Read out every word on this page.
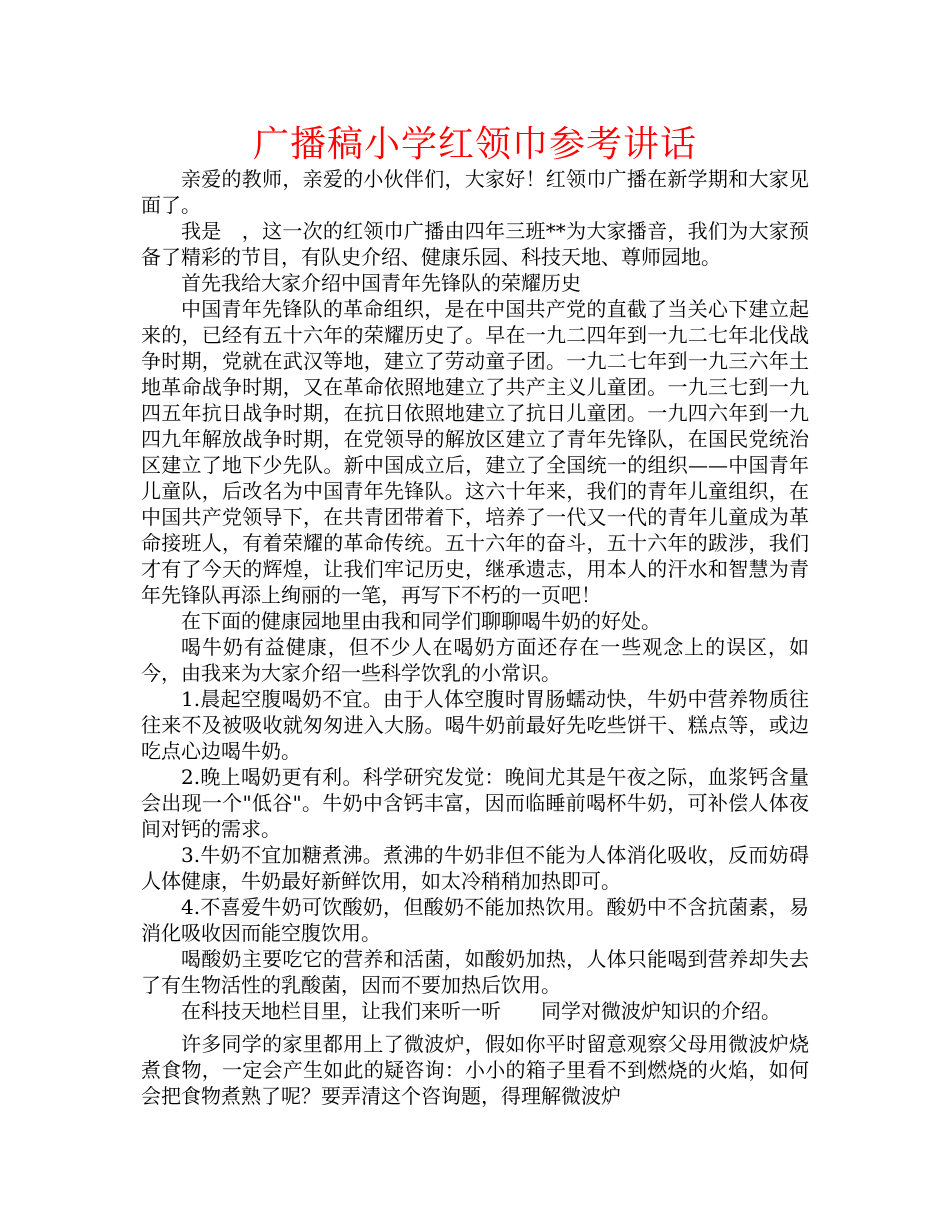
广播稿小学红领巾参考讲话

亲爱的教师，亲爱的小伙伴们，大家好！红领巾广播在新学期和大家见面了。

我是　，这一次的红领巾广播由四年三班**为大家播音，我们为大家预备了精彩的节目，有队史介绍、健康乐园、科技天地、尊师园地。

首先我给大家介绍中国青年先锋队的荣耀历史

中国青年先锋队的革命组织，是在中国共产党的直截了当关心下建立起来的，已经有五十六年的荣耀历史了。早在一九二四年到一九二七年北伐战争时期，党就在武汉等地，建立了劳动童子团。一九二七年到一九三六年土地革命战争时期，又在革命依照地建立了共产主义儿童团。一九三七到一九四五年抗日战争时期，在抗日依照地建立了抗日儿童团。一九四六年到一九四九年解放战争时期，在党领导的解放区建立了青年先锋队，在国民党统治区建立了地下少先队。新中国成立后，建立了全国统一的组织——中国青年儿童队，后改名为中国青年先锋队。这六十年来，我们的青年儿童组织，在中国共产党领导下，在共青团带着下，培养了一代又一代的青年儿童成为革命接班人，有着荣耀的革命传统。五十六年的奋斗，五十六年的跋涉，我们才有了今天的辉煌，让我们牢记历史，继承遗志，用本人的汗水和智慧为青年先锋队再添上绚丽的一笔，再写下不朽的一页吧！

在下面的健康园地里由我和同学们聊聊喝牛奶的好处。

喝牛奶有益健康，但不少人在喝奶方面还存在一些观念上的误区，如今，由我来为大家介绍一些科学饮乳的小常识。

1.晨起空腹喝奶不宜。由于人体空腹时胃肠蠕动快，牛奶中营养物质往往来不及被吸收就匆匆进入大肠。喝牛奶前最好先吃些饼干、糕点等，或边吃点心边喝牛奶。

2.晚上喝奶更有利。科学研究发觉：晚间尤其是午夜之际，血浆钙含量会出现一个"低谷"。牛奶中含钙丰富，因而临睡前喝杯牛奶，可补偿人体夜间对钙的需求。

3.牛奶不宜加糖煮沸。煮沸的牛奶非但不能为人体消化吸收，反而妨碍人体健康，牛奶最好新鲜饮用，如太冷稍稍加热即可。

4.不喜爱牛奶可饮酸奶，但酸奶不能加热饮用。酸奶中不含抗菌素，易消化吸收因而能空腹饮用。

喝酸奶主要吃它的营养和活菌，如酸奶加热，人体只能喝到营养却失去了有生物活性的乳酸菌，因而不要加热后饮用。

在科技天地栏目里，让我们来听一听　　同学对微波炉知识的介绍。

许多同学的家里都用上了微波炉，假如你平时留意观察父母用微波炉烧煮食物，一定会产生如此的疑咨询：小小的箱子里看不到燃烧的火焰，如何会把食物煮熟了呢？要弄清这个咨询题，得理解微波炉
